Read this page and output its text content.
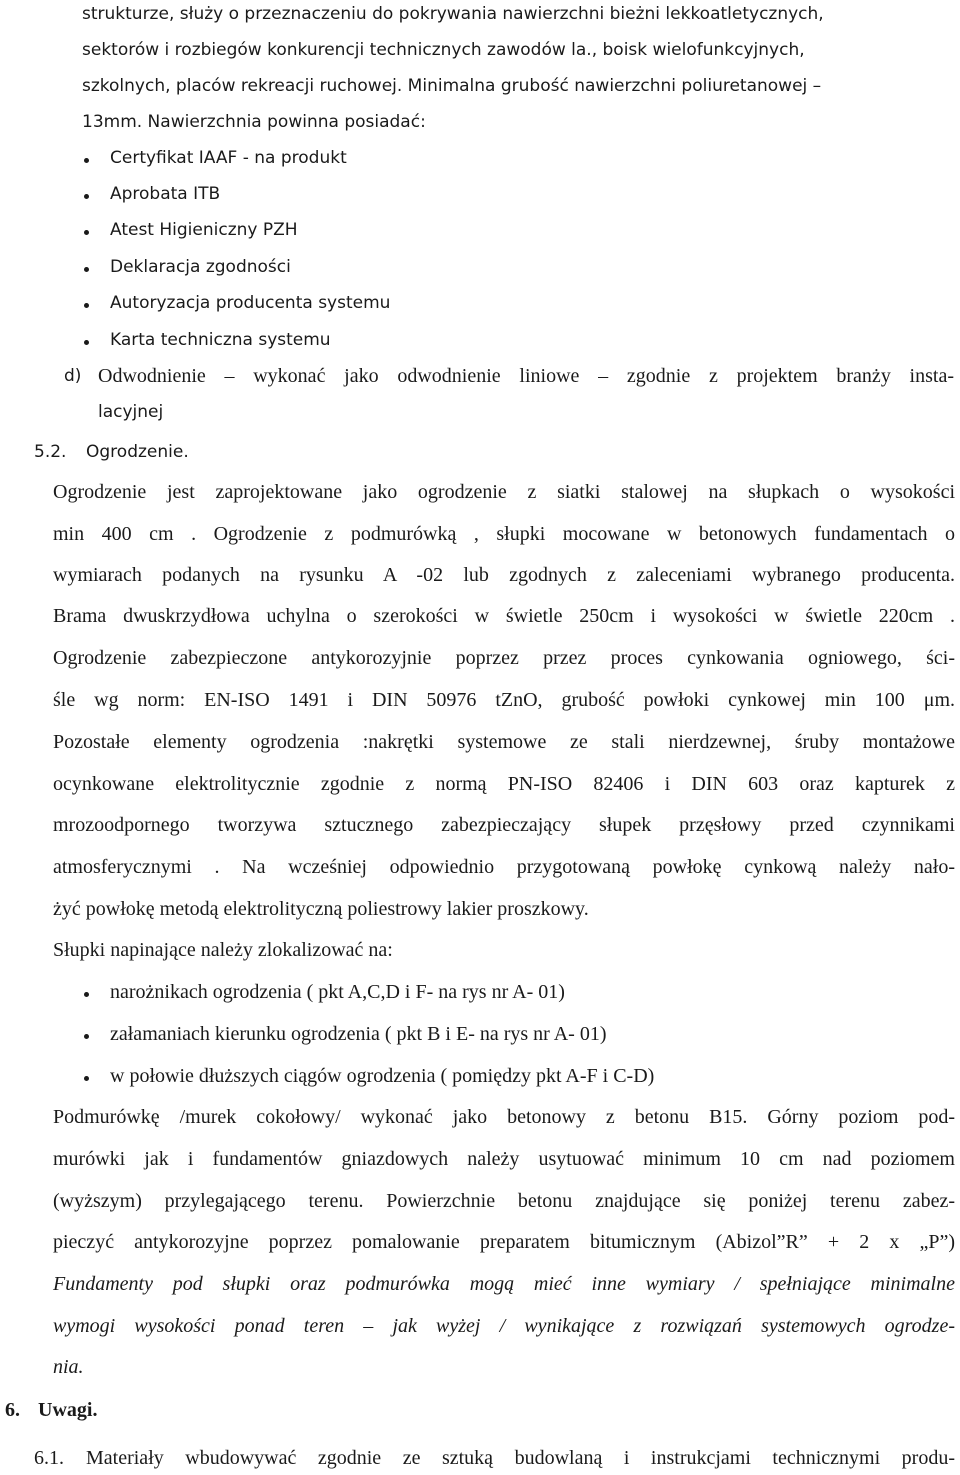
strukturze, służy o przeznaczeniu do pokrywania nawierzchni bieżni lekkoatletycznych,
sektorów i rozbiegów konkurencji technicznych zawodów la., boisk wielofunkcyjnych,
szkolnych, placów rekreacji ruchowej. Minimalna grubość nawierzchni poliuretanowej –
13mm. Nawierzchnia powinna posiadać:
Certyfikat IAAF - na produkt
Aprobata ITB
Atest Higieniczny PZH
Deklaracja zgodności
Autoryzacja producenta systemu
Karta techniczna systemu
d) Odwodnienie – wykonać jako odwodnienie liniowe – zgodnie z projektem branży insta-
lacyjnej
5.2. Ogrodzenie.
Ogrodzenie jest zaprojektowane jako ogrodzenie z siatki stalowej na słupkach o wysokości
min 400 cm . Ogrodzenie z podmurówką , słupki mocowane w betonowych fundamentach o
wymiarach podanych na rysunku A -02 lub zgodnych z zaleceniami wybranego producenta.
Brama dwuskrzydłowa uchylna o szerokości w świetle 250cm i wysokości w świetle 220cm .
Ogrodzenie zabezpieczone antykorozyjnie poprzez przez proces cynkowania ogniowego, ści-
śle wg norm: EN-ISO 1491 i DIN 50976 tZnO, grubość powłoki cynkowej min 100 μm.
Pozostałe elementy ogrodzenia :nakrętki systemowe ze stali nierdzewnej, śruby montażowe
ocynkowane elektrolitycznie zgodnie z normą PN-ISO 82406 i DIN 603 oraz kapturek z
mrozoodpornego tworzywa sztucznego zabezpieczający słupek przęsłowy przed czynnikami
atmosferycznymi . Na wcześniej odpowiednio przygotowaną powłokę cynkową należy nało-
żyć powłokę metodą elektrolityczną poliestrowy lakier proszkowy.
Słupki napinające należy zlokalizować na:
narożnikach ogrodzenia ( pkt A,C,D i F- na rys nr A- 01)
załamaniach kierunku ogrodzenia ( pkt B i E- na rys nr A- 01)
w połowie dłuższych ciągów ogrodzenia ( pomiędzy pkt A-F i C-D)
Podmurówkę /murek cokołowy/ wykonać jako betonowy z betonu B15. Górny poziom pod-
murówki jak i fundamentów gniazdowych należy usytuować minimum 10 cm nad poziomem
(wyższym) przylegającego terenu. Powierzchnie betonu znajdujące się poniżej terenu zabez-
pieczyć antykorozyjne poprzez pomalowanie preparatem bitumicznym (Abizol”R” + 2 x „P”)
Fundamenty pod słupki oraz podmurówka mogą mieć inne wymiary / spełniające minimalne
wymogi wysokości ponad teren – jak wyżej / wynikające z rozwiązań systemowych ogrodze-
nia.
6. Uwagi.
6.1. Materiały wbudowywać zgodnie ze sztuką budowlaną i instrukcjami technicznymi produ-
